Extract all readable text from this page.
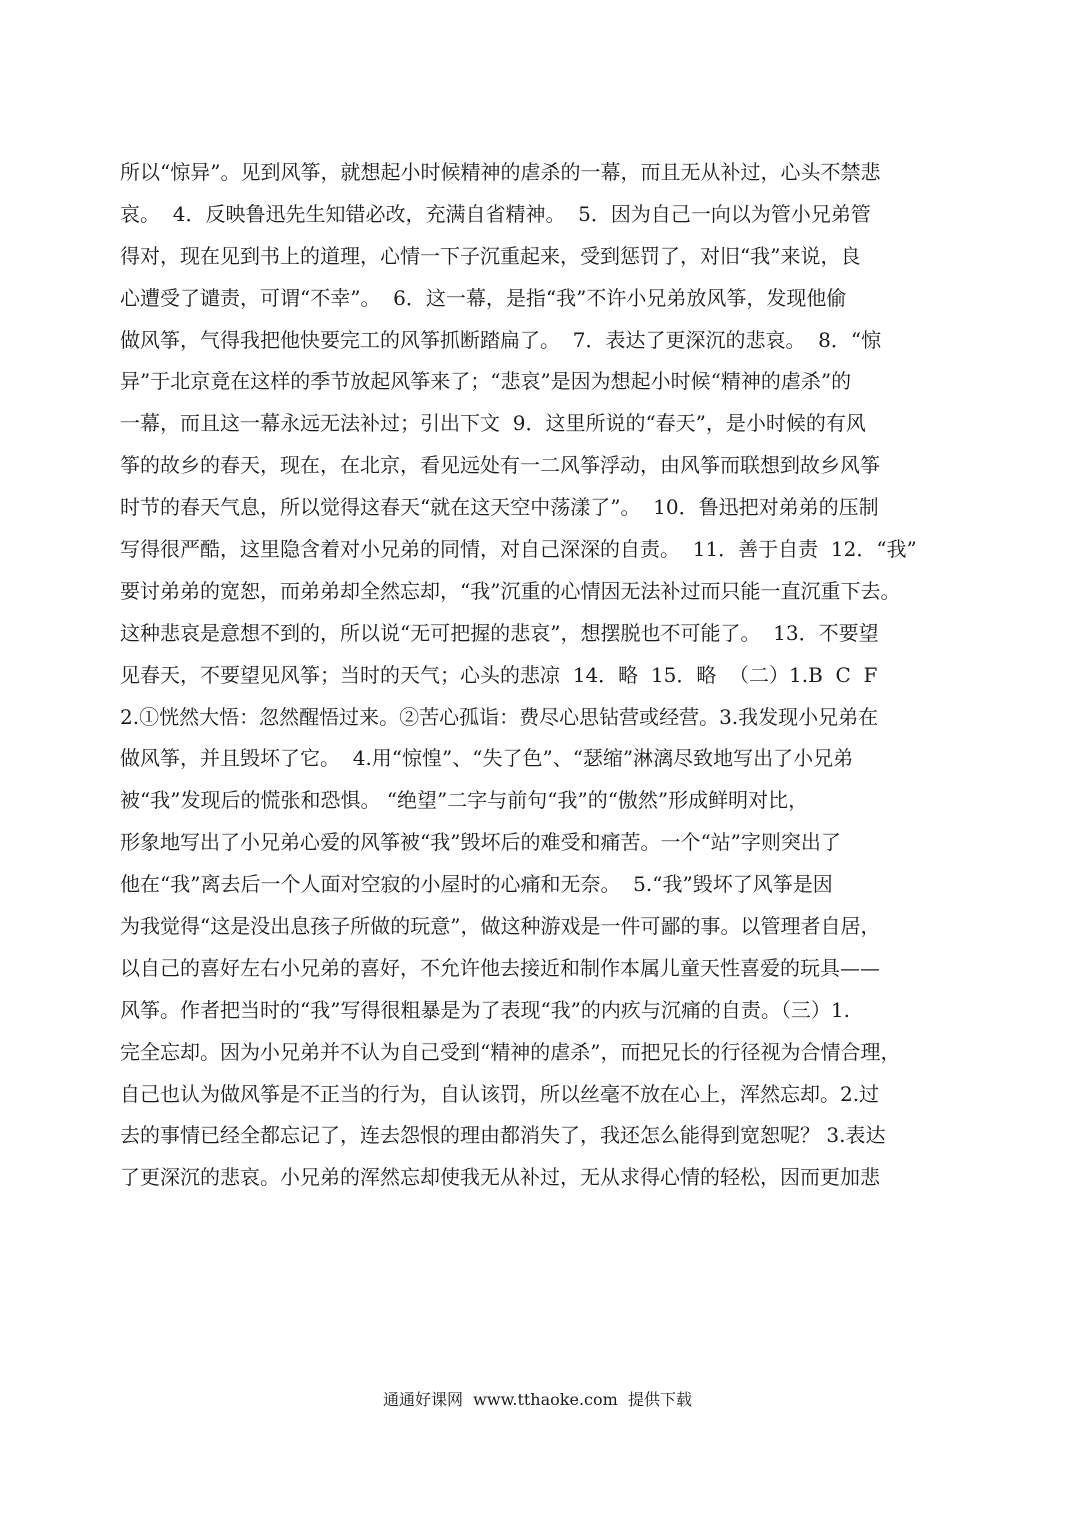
所以“惊异”。见到风筝，就想起小时候精神的虐杀的一幕，而且无从补过，心头不禁悲
哀。  4．反映鲁迅先生知错必改，充满自省精神。  5．因为自己一向以为管小兄弟管
得对，现在见到书上的道理，心情一下子沉重起来，受到惩罚了，对旧“我”来说，良
心遭受了谴责，可谓“不幸”。  6．这一幕，是指“我”不许小兄弟放风筝，发现他偷
做风筝，气得我把他快要完工的风筝抓断踏扁了。  7．表达了更深沉的悲哀。  8．“惊
异”于北京竟在这样的季节放起风筝来了；“悲哀”是因为想起小时候“精神的虐杀”的
一幕，而且这一幕永远无法补过；引出下文  9．这里所说的“春天”，是小时候的有风
筝的故乡的春天，现在，在北京，看见远处有一二风筝浮动，由风筝而联想到故乡风筝
时节的春天气息，所以觉得这春天“就在这天空中荡漾了”。  10．鲁迅把对弟弟的压制
写得很严酷，这里隐含着对小兄弟的同情，对自己深深的自责。  11．善于自责  12．“我”
要讨弟弟的宽恕，而弟弟却全然忘却，“我”沉重的心情因无法补过而只能一直沉重下去。
这种悲哀是意想不到的，所以说“无可把握的悲哀”，想摆脱也不可能了。  13．不要望
见春天，不要望见风筝；当时的天气；心头的悲凉  14．略  15．略  （二）1.B  C  F
2.①恍然大悟：忽然醒悟过来。②苦心孤诣：费尽心思钻营或经营。3.我发现小兄弟在
做风筝，并且毁坏了它。  4.用“惊惶”、“失了色”、“瑟缩”淋漓尽致地写出了小兄弟
被“我”发现后的慌张和恐惧。 “绝望”二字与前句“我”的“傲然”形成鲜明对比，
形象地写出了小兄弟心爱的风筝被“我”毁坏后的难受和痛苦。一个“站”字则突出了
他在“我”离去后一个人面对空寂的小屋时的心痛和无奈。  5.“我”毁坏了风筝是因
为我觉得“这是没出息孩子所做的玩意”，做这种游戏是一件可鄙的事。以管理者自居，
以自己的喜好左右小兄弟的喜好，不允许他去接近和制作本属儿童天性喜爱的玩具——
风筝。作者把当时的“我”写得很粗暴是为了表现“我”的内疚与沉痛的自责。（三）1.
完全忘却。因为小兄弟并不认为自己受到“精神的虐杀”，而把兄长的行径视为合情合理，
自己也认为做风筝是不正当的行为，自认该罚，所以丝毫不放在心上，浑然忘却。2.过
去的事情已经全都忘记了，连去怨恨的理由都消失了，我还怎么能得到宽恕呢？ 3.表达
了更深沉的悲哀。小兄弟的浑然忘却使我无从补过，无从求得心情的轻松，因而更加悲
通通好课网  www.tthaoke.com  提供下载
